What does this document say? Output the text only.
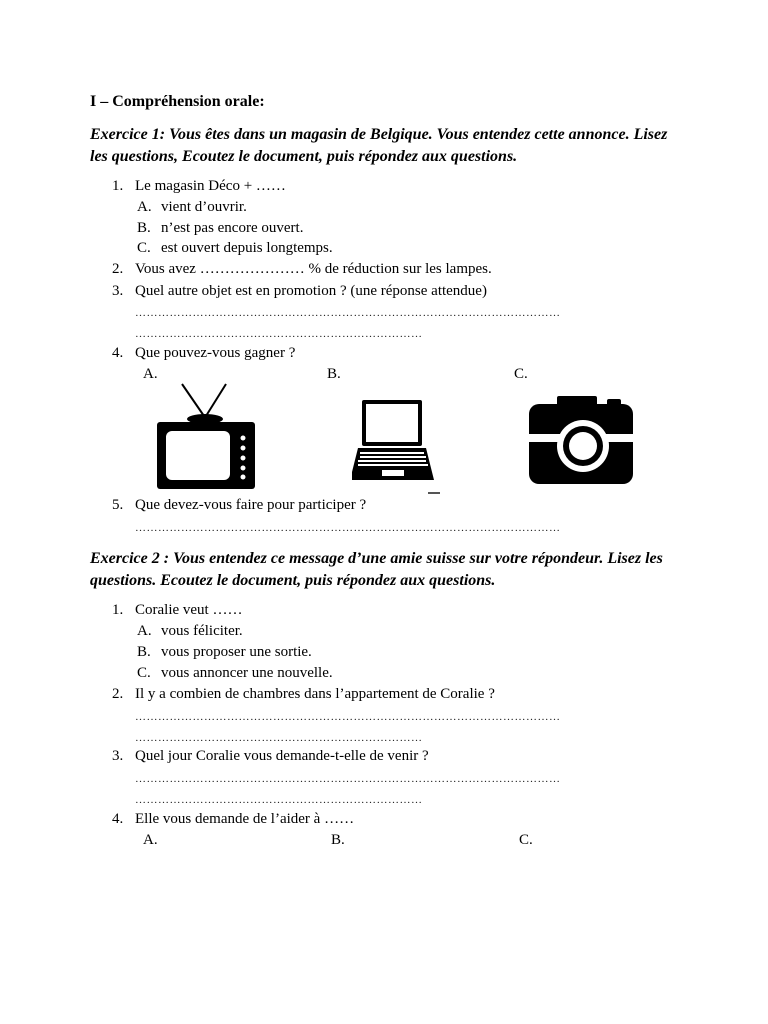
I – Compréhension orale:
Exercice 1: Vous êtes dans un magasin de Belgique. Vous entendez cette annonce. Lisez
les questions, Ecoutez le document, puis répondez aux questions.
1. Le magasin Déco + ……
A. vient d’ouvrir.
B. n’est pas encore ouvert.
C. est ouvert depuis longtemps.
2. Vous avez ………………… % de réduction sur les lampes.
3. Quel autre objet est en promotion ? (une réponse attendue)
…………………………………………………………………………………………………
…………………………………………………………………
4. Que pouvez-vous gagner ?
A.	B.	C.
5. Que devez-vous faire pour participer ?
…………………………………………………………………………………………………
Exercice 2 : Vous entendez ce message d’une amie suisse sur votre répondeur. Lisez les
questions. Ecoutez le document, puis répondez aux questions.
1. Coralie veut ……
A. vous féliciter.
B. vous proposer une sortie.
C. vous annoncer une nouvelle.
2. Il y a combien de chambres dans l’appartement de Coralie ?
…………………………………………………………………………………………………
…………………………………………………………………
3. Quel jour Coralie vous demande-t-elle de venir ?
…………………………………………………………………………………………………
…………………………………………………………………
4. Elle vous demande de l’aider à ……
A.	B.	C.
